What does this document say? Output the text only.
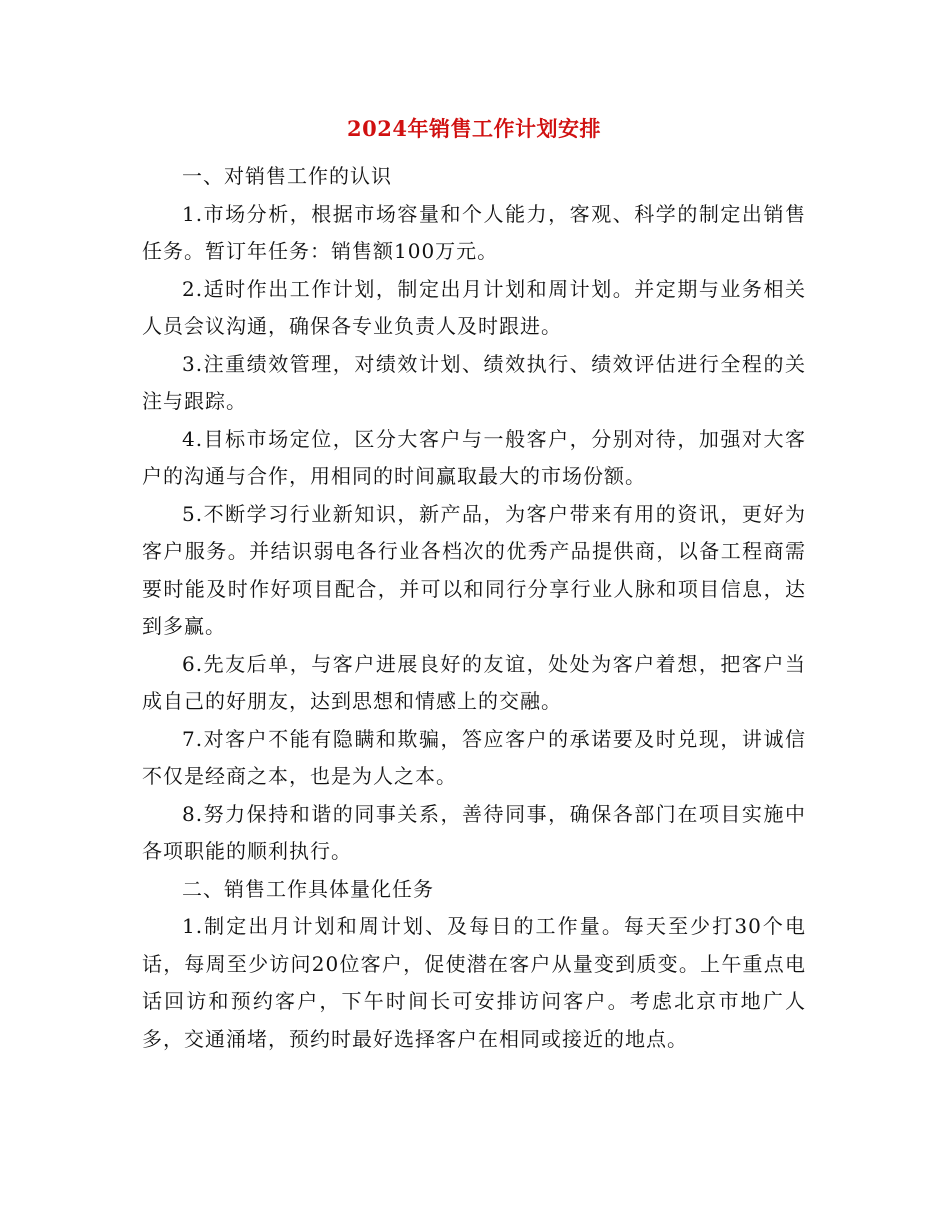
2024年销售工作计划安排

一、对销售工作的认识

1.市场分析，根据市场容量和个人能力，客观、科学的制定出销售任务。暂订年任务：销售额100万元。

2.适时作出工作计划，制定出月计划和周计划。并定期与业务相关人员会议沟通，确保各专业负责人及时跟进。

3.注重绩效管理，对绩效计划、绩效执行、绩效评估进行全程的关注与跟踪。

4.目标市场定位，区分大客户与一般客户，分别对待，加强对大客户的沟通与合作，用相同的时间赢取最大的市场份额。

5.不断学习行业新知识，新产品，为客户带来有用的资讯，更好为客户服务。并结识弱电各行业各档次的优秀产品提供商，以备工程商需要时能及时作好项目配合，并可以和同行分享行业人脉和项目信息，达到多赢。

6.先友后单，与客户进展良好的友谊，处处为客户着想，把客户当成自己的好朋友，达到思想和情感上的交融。

7.对客户不能有隐瞒和欺骗，答应客户的承诺要及时兑现，讲诚信不仅是经商之本，也是为人之本。

8.努力保持和谐的同事关系，善待同事，确保各部门在项目实施中各项职能的顺利执行。

二、销售工作具体量化任务

1.制定出月计划和周计划、及每日的工作量。每天至少打30个电话，每周至少访问20位客户，促使潜在客户从量变到质变。上午重点电话回访和预约客户，下午时间长可安排访问客户。考虑北京市地广人多，交通涌堵，预约时最好选择客户在相同或接近的地点。
